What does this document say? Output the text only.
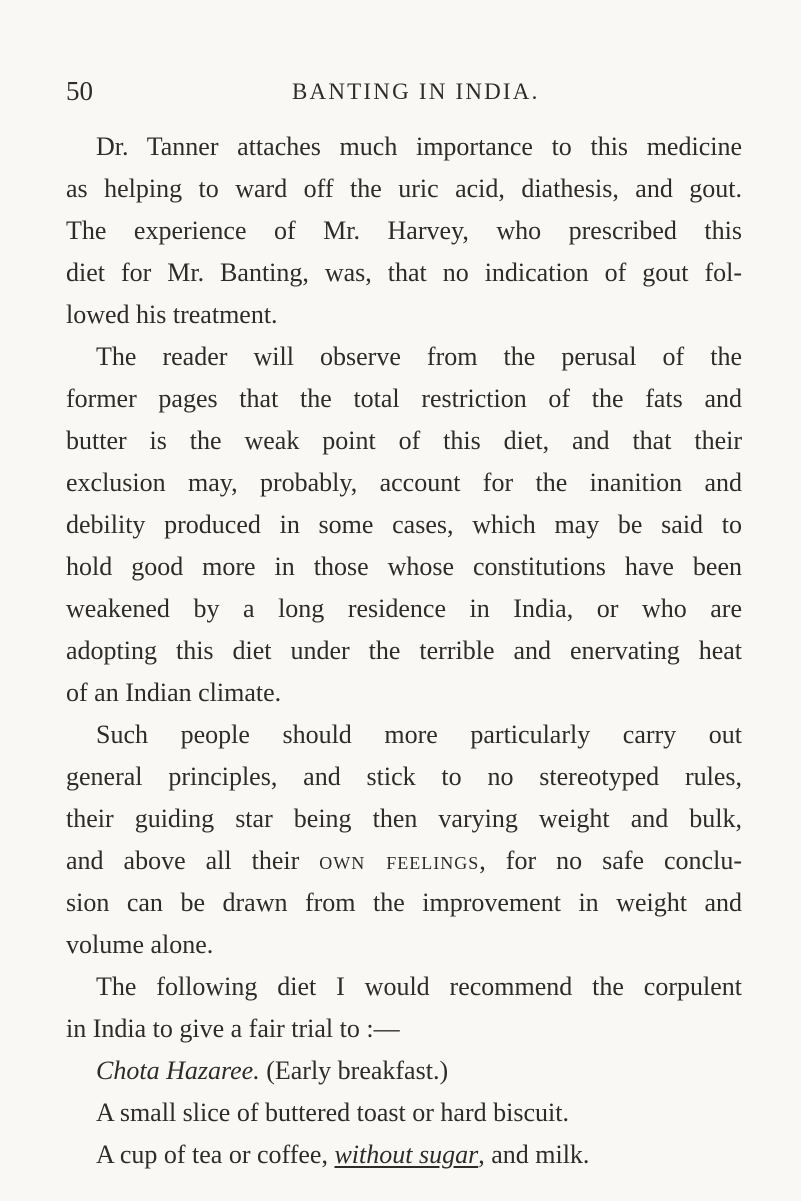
50	BANTING IN INDIA.
Dr. Tanner attaches much importance to this medicine
as helping to ward off the uric acid, diathesis, and gout.
The experience of Mr. Harvey, who prescribed this
diet for Mr. Banting, was, that no indication of gout fol-
lowed his treatment.
The reader will observe from the perusal of the
former pages that the total restriction of the fats and
butter is the weak point of this diet, and that their
exclusion may, probably, account for the inanition and
debility produced in some cases, which may be said to
hold good more in those whose constitutions have been
weakened by a long residence in India, or who are
adopting this diet under the terrible and enervating heat
of an Indian climate.
Such people should more particularly carry out
general principles, and stick to no stereotyped rules,
their guiding star being then varying weight and bulk,
and above all their own feelings, for no safe conclu-
sion can be drawn from the improvement in weight and
volume alone.
The following diet I would recommend the corpulent
in India to give a fair trial to :—
Chota Hazaree. (Early breakfast.)
A small slice of buttered toast or hard biscuit.
A cup of tea or coffee, without sugar, and milk.
